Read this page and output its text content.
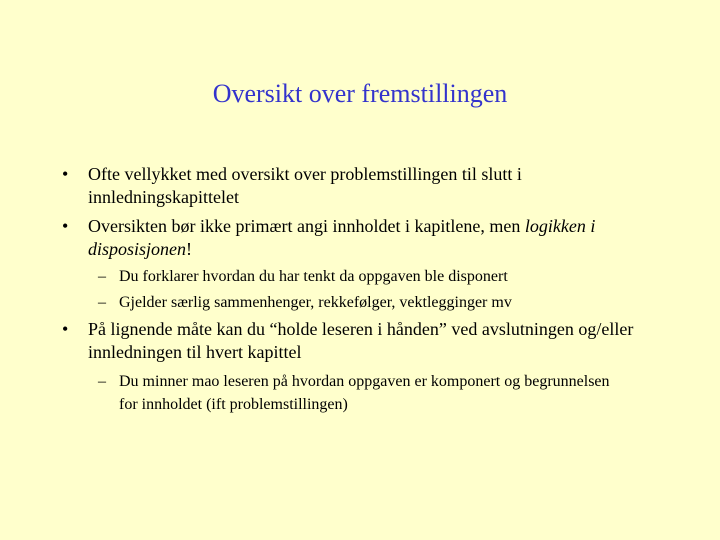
Oversikt over fremstillingen
•	Ofte vellykket med oversikt over problemstillingen til slutt i innledningskapittelet
•	Oversikten bør ikke primært angi innholdet i kapitlene, men logikken i disposisjonen!
– Du forklarer hvordan du har tenkt da oppgaven ble disponert
– Gjelder særlig sammenhenger, rekkefølger, vektlegginger mv
•	På lignende måte kan du “holde leseren i hånden” ved avslutningen og/eller innledningen til hvert kapittel
– Du minner mao leseren på hvordan oppgaven er komponert og begrunnelsen for innholdet (ift problemstillingen)
